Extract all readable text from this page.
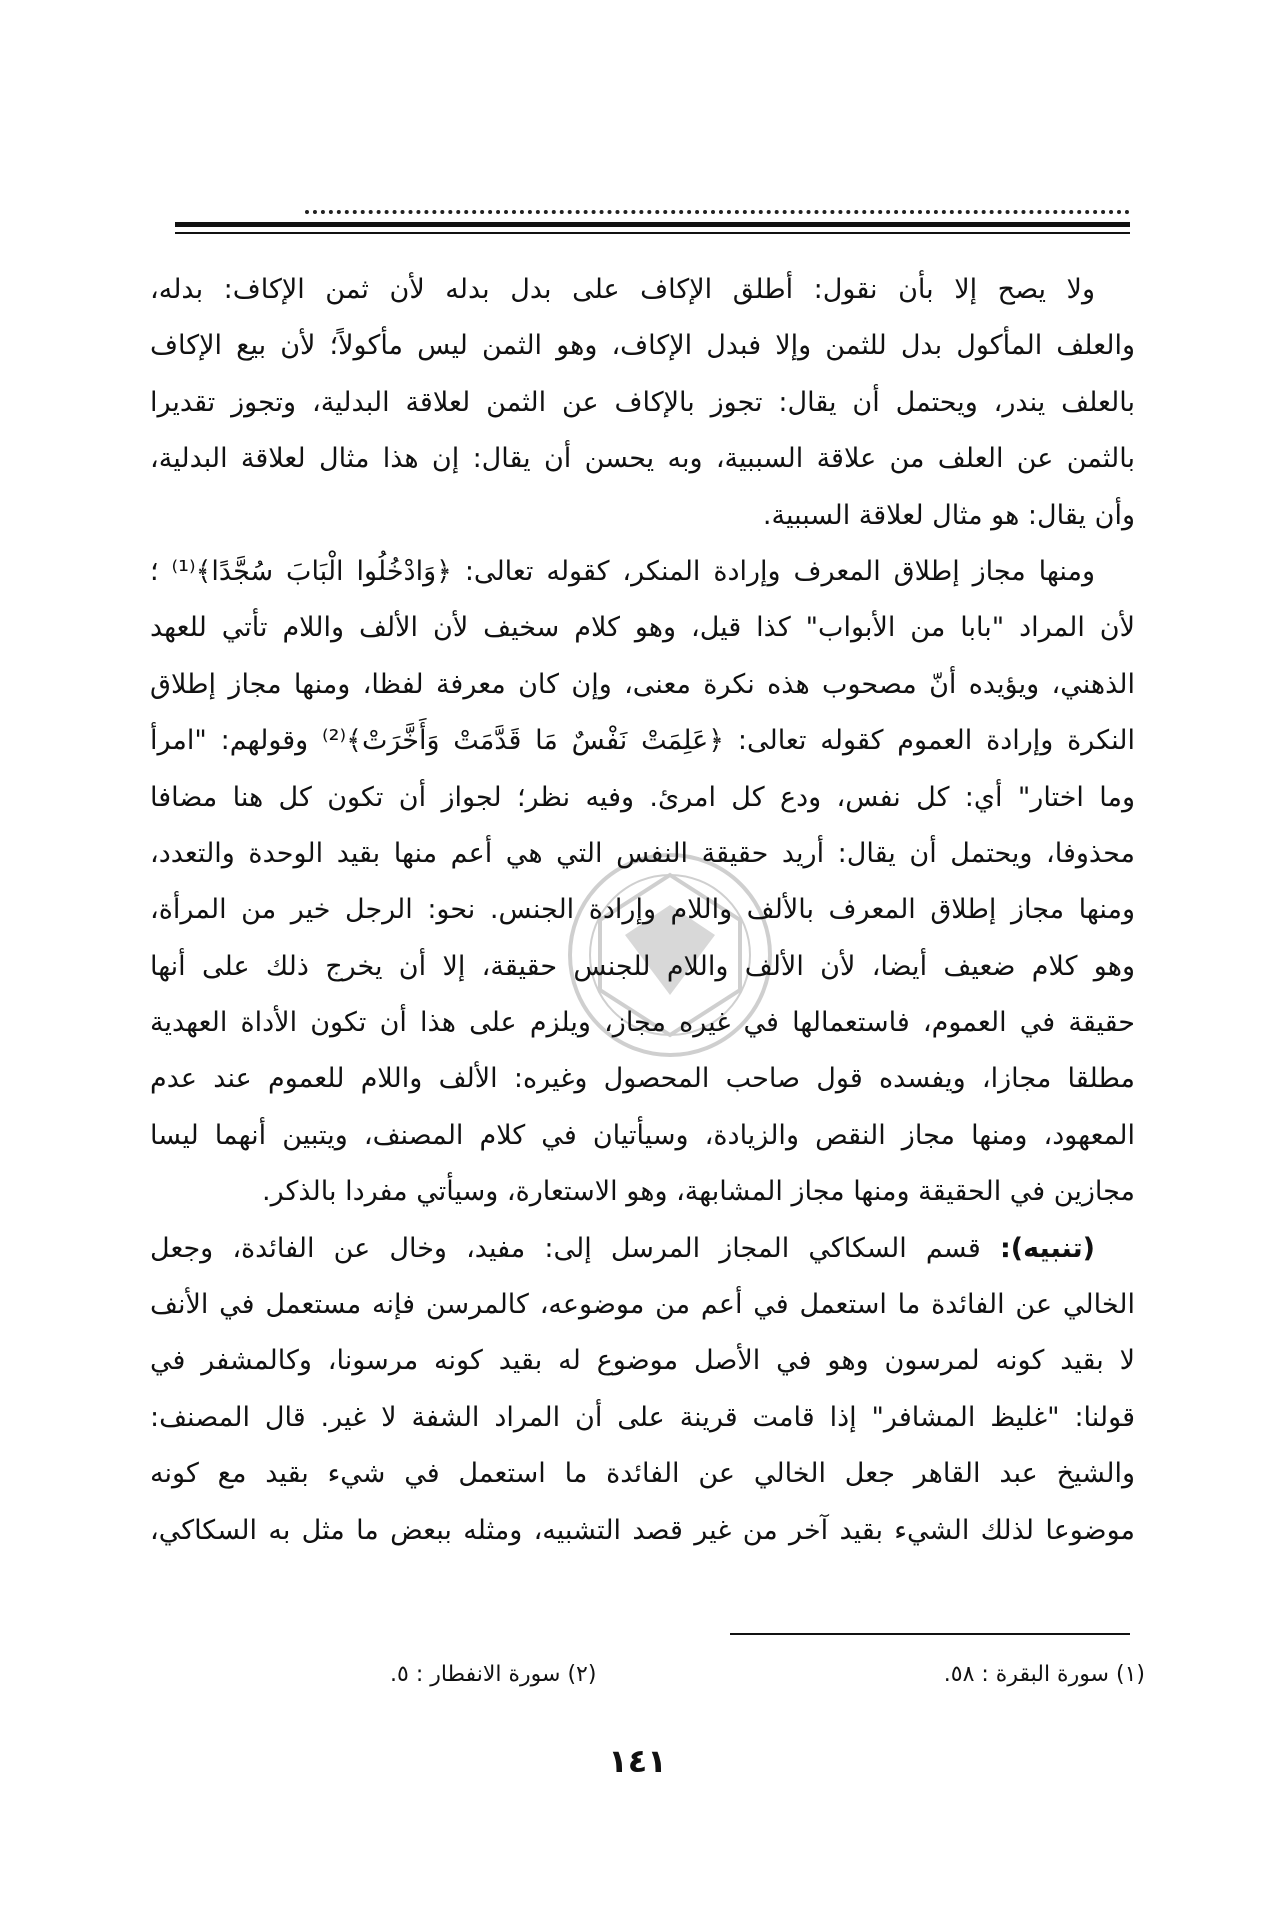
ولا يصح إلا بأن نقول: أطلق الإكاف على بدل بدله لأن ثمن الإكاف: بدله،
والعلف المأكول بدل للثمن وإلا فبدل الإكاف، وهو الثمن ليس مأكولاً؛ لأن بيع الإكاف
بالعلف يندر، ويحتمل أن يقال: تجوز بالإكاف عن الثمن لعلاقة البدلية، وتجوز تقديرا
بالثمن عن العلف من علاقة السببية، وبه يحسن أن يقال: إن هذا مثال لعلاقة البدلية،
وأن يقال: هو مثال لعلاقة السببية.
ومنها مجاز إطلاق المعرف وإرادة المنكر، كقوله تعالى: ﴿وَادْخُلُوا الْبَابَ سُجَّدًا﴾⁽¹⁾ ؛
لأن المراد "بابا من الأبواب" كذا قيل، وهو كلام سخيف لأن الألف واللام تأتي للعهد
الذهني، ويؤيده أنّ مصحوب هذه نكرة معنى، وإن كان معرفة لفظا، ومنها مجاز إطلاق
النكرة وإرادة العموم كقوله تعالى: ﴿عَلِمَتْ نَفْسٌ مَا قَدَّمَتْ وَأَخَّرَتْ﴾⁽²⁾ وقولهم: "امرأ
وما اختار" أي: كل نفس، ودع كل امرئ. وفيه نظر؛ لجواز أن تكون كل هنا مضافا
محذوفا، ويحتمل أن يقال: أريد حقيقة النفس التي هي أعم منها بقيد الوحدة والتعدد،
ومنها مجاز إطلاق المعرف بالألف واللام وإرادة الجنس. نحو: الرجل خير من المرأة،
وهو كلام ضعيف أيضا، لأن الألف واللام للجنس حقيقة، إلا أن يخرج ذلك على أنها
حقيقة في العموم، فاستعمالها في غيره مجاز، ويلزم على هذا أن تكون الأداة العهدية
مطلقا مجازا، ويفسده قول صاحب المحصول وغيره: الألف واللام للعموم عند عدم
المعهود، ومنها مجاز النقص والزيادة، وسيأتيان في كلام المصنف، ويتبين أنهما ليسا
مجازين في الحقيقة ومنها مجاز المشابهة، وهو الاستعارة، وسيأتي مفردا بالذكر.
(تنبيه): قسم السكاكي المجاز المرسل إلى: مفيد، وخال عن الفائدة، وجعل
الخالي عن الفائدة ما استعمل في أعم من موضوعه، كالمرسن فإنه مستعمل في الأنف
لا بقيد كونه لمرسون وهو في الأصل موضوع له بقيد كونه مرسونا، وكالمشفر في
قولنا: "غليظ المشافر" إذا قامت قرينة على أن المراد الشفة لا غير. قال المصنف:
والشيخ عبد القاهر جعل الخالي عن الفائدة ما استعمل في شيء بقيد مع كونه
موضوعا لذلك الشيء بقيد آخر من غير قصد التشبيه، ومثله ببعض ما مثل به السكاكي،
(١) سورة البقرة : ٥٨.
(٢) سورة الانفطار : ٥.
١٤١
